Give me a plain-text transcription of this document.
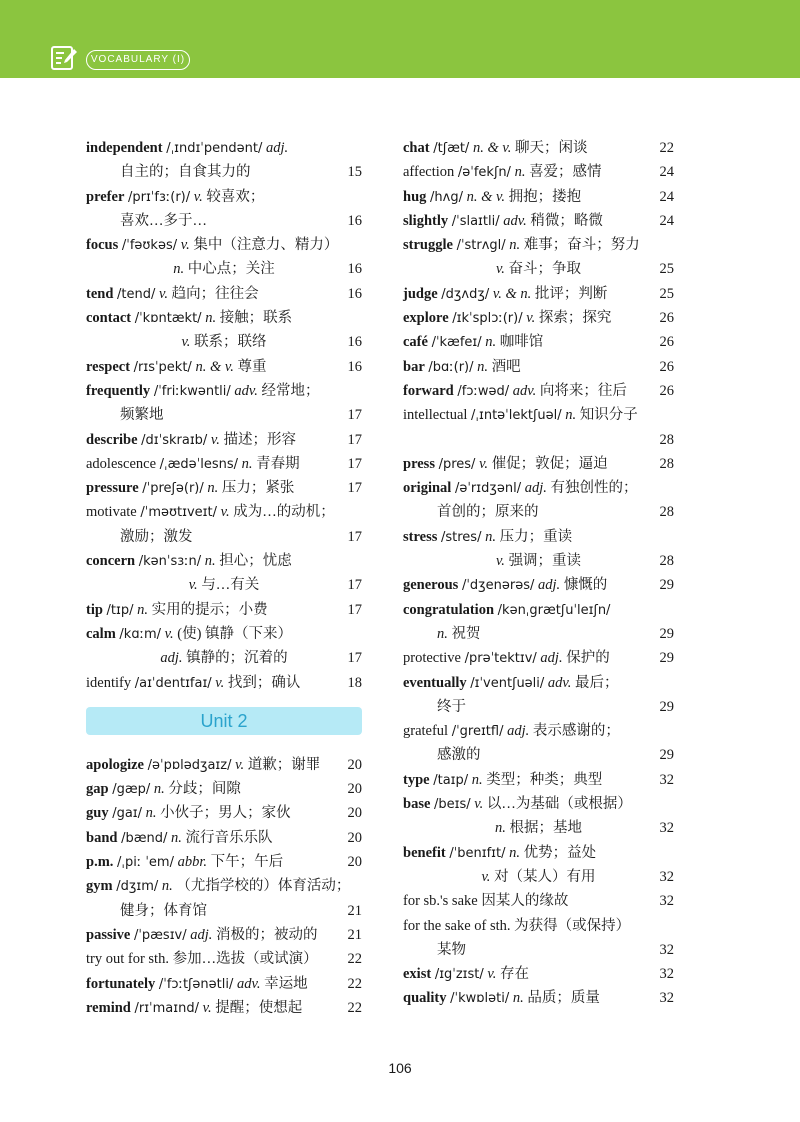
VOCABULARY (I)
independent /ˌɪndɪˈpendənt/ adj.
自主的；自食其力的	15
prefer /prɪˈfɜː(r)/ v. 较喜欢；
喜欢…多于…	16
focus /ˈfəʊkəs/ v. 集中（注意力、精力）
n. 中心点；关注	16
tend /tend/ v. 趋向；往往会	16
contact /ˈkɒntækt/ n. 接触；联系
v. 联系；联络	16
respect /rɪsˈpekt/ n. & v. 尊重	16
frequently /ˈfriːkwəntli/ adv. 经常地；
频繁地	17
describe /dɪˈskraɪb/ v. 描述；形容	17
adolescence /ˌædəˈlesns/ n. 青春期	17
pressure /ˈpreʃə(r)/ n. 压力；紧张	17
motivate /ˈməʊtɪveɪt/ v. 成为…的动机；
激励；激发	17
concern /kənˈsɜːn/ n. 担心；忧虑
v. 与…有关	17
tip /tɪp/ n. 实用的提示；小费	17
calm /kɑːm/ v. (使) 镇静（下来）
adj. 镇静的；沉着的	17
identify /aɪˈdentɪfaɪ/ v. 找到；确认	18
Unit 2
apologize /əˈpɒlədʒaɪz/ v. 道歉；谢罪 20
gap /gæp/ n. 分歧；间隙	20
guy /gaɪ/ n. 小伙子；男人；家伙	20
band /bænd/ n. 流行音乐乐队	20
p.m. /ˌpiː ˈem/ abbr. 下午；午后	20
gym /dʒɪm/ n. （尤指学校的）体育活动；
健身；体育馆	21
passive /ˈpæsɪv/ adj. 消极的；被动的 21
try out for sth. 参加…选拔（或试演） 22
fortunately /ˈfɔːtʃənətli/ adv. 幸运地	22
remind /rɪˈmaɪnd/ v. 提醒；使想起	22
chat /tʃæt/ n. & v. 聊天；闲谈	22
affection /əˈfekʃn/ n. 喜爱；感情	24
hug /hʌg/ n. & v. 拥抱；搂抱	24
slightly /ˈslaɪtli/ adv. 稍微；略微	24
struggle /ˈstrʌgl/ n. 难事；奋斗；努力
v. 奋斗；争取	25
judge /dʒʌdʒ/ v. & n. 批评；判断	25
explore /ɪkˈsplɔː(r)/ v. 探索；探究	26
café /ˈkæfeɪ/ n. 咖啡馆	26
bar /bɑː(r)/ n. 酒吧	26
forward /fɔːwəd/ adv. 向将来；往后 26
intellectual /ˌɪntəˈlektʃuəl/ n. 知识分子
28
press /pres/ v. 催促；敦促；逼迫	28
original /əˈrɪdʒənl/ adj. 有独创性的；
首创的；原来的	28
stress /stres/ n. 压力；重读
v. 强调；重读	28
generous /ˈdʒenərəs/ adj. 慷慨的	29
congratulation /kənˌgrætʃuˈleɪʃn/
n. 祝贺	29
protective /prəˈtektɪv/ adj. 保护的	29
eventually /ɪˈventʃuəli/ adv. 最后；
终于	29
grateful /ˈgreɪtfl/ adj. 表示感谢的；
感激的	29
type /taɪp/ n. 类型；种类；典型	32
base /beɪs/ v. 以…为基础（或根据）
n. 根据；基地	32
benefit /ˈbenɪfɪt/ n. 优势；益处
v. 对（某人）有用	32
for sb.'s sake 因某人的缘故	32
for the sake of sth. 为获得（或保持）
某物	32
exist /ɪgˈzɪst/ v. 存在	32
quality /ˈkwɒləti/ n. 品质；质量	32
106
